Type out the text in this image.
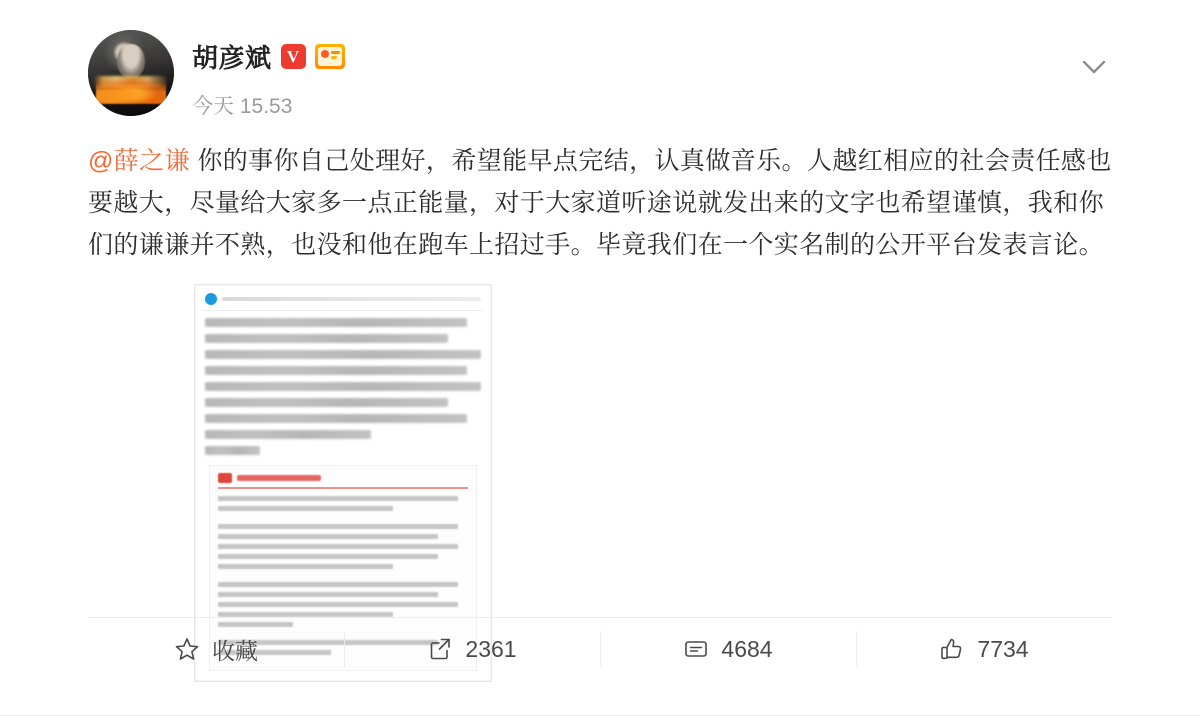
胡彦斌 V
今天 15.53
@薛之谦 你的事你自己处理好，希望能早点完结，认真做音乐。人越红相应的社会责任感也要越大，尽量给大家多一点正能量，对于大家道听途说就发出来的文字也希望谨慎，我和你们的谦谦并不熟，也没和他在跑车上招过手。毕竟我们在一个实名制的公开平台发表言论。
收藏	2361	4684	7734
